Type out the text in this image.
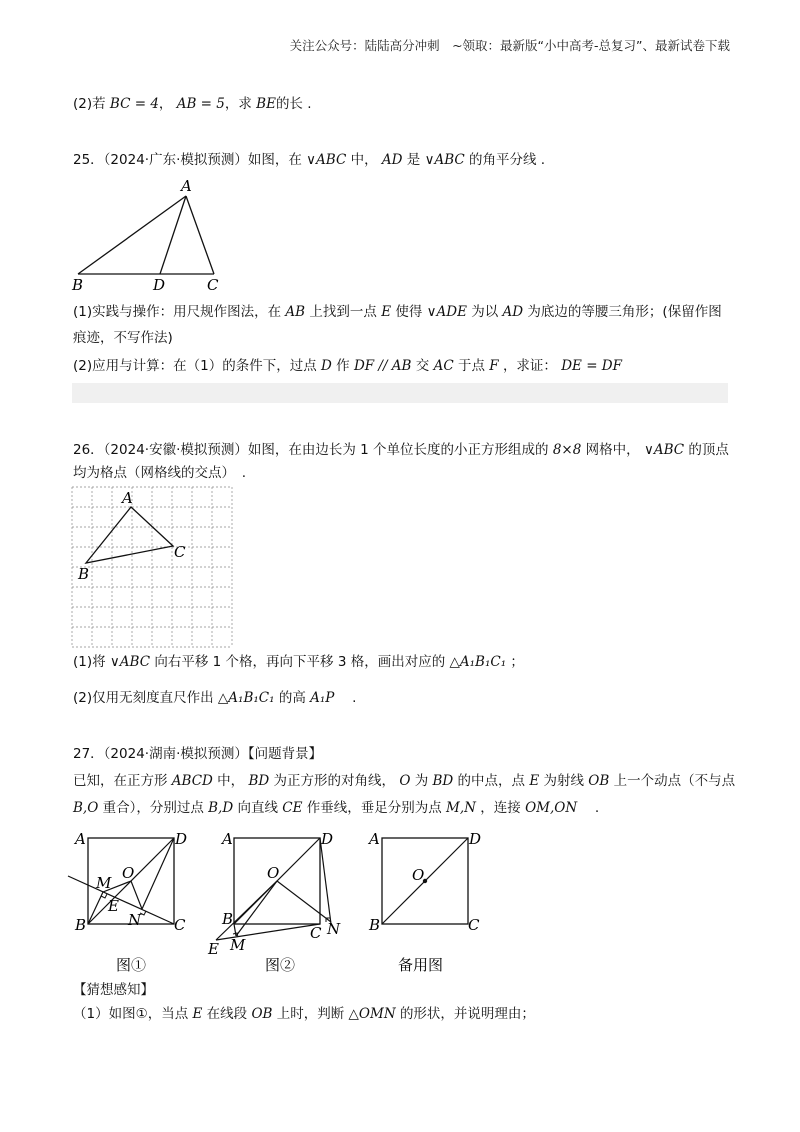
关注公众号：陆陆高分冲刺　~领取：最新版“小中高考-总复习”、最新试卷下载
(2)若 BC = 4， AB = 5，求 BE的长 .
25．（2024·广东·模拟预测）如图，在 ∨ABC 中， AD 是 ∨ABC 的角平分线 .
A
B	D	C
(1)实践与操作：用尺规作图法，在 AB 上找到一点 E 使得 ∨ADE 为以 AD 为底边的等腰三角形；(保留作图
痕迹，不写作法)
(2)应用与计算：在（1）的条件下，过点 D 作 DF // AB 交 AC 于点 F ，求证： DE = DF
26．（2024·安徽·模拟预测）如图，在由边长为 1 个单位长度的小正方形组成的 8×8 网格中， ∨ABC 的顶点
均为格点（网格线的交点）　.
A
B
C
(1)将 ∨ABC 向右平移 1 个格，再向下平移 3 格，画出对应的 △A₁B₁C₁ ；
(2)仅用无刻度直尺作出 △A₁B₁C₁ 的高 A₁P 　.
27．（2024·湖南·模拟预测）【问题背景】
已知，在正方形 ABCD 中， BD 为正方形的对角线， O 为 BD 的中点，点 E 为射线 OB 上一个动点（不与点
B,O 重合），分别过点 B,D 向直线 CE 作垂线，垂足分别为点 M,N ，连接 OM,ON 　.
A	D
B	C
O
M
E
N
图①
A	D
B
C N
O
M
E
图②
A	D
B	C
O
备用图
【猜想感知】
（1）如图①，当点 E 在线段 OB 上时，判断 △OMN 的形状，并说明理由；
